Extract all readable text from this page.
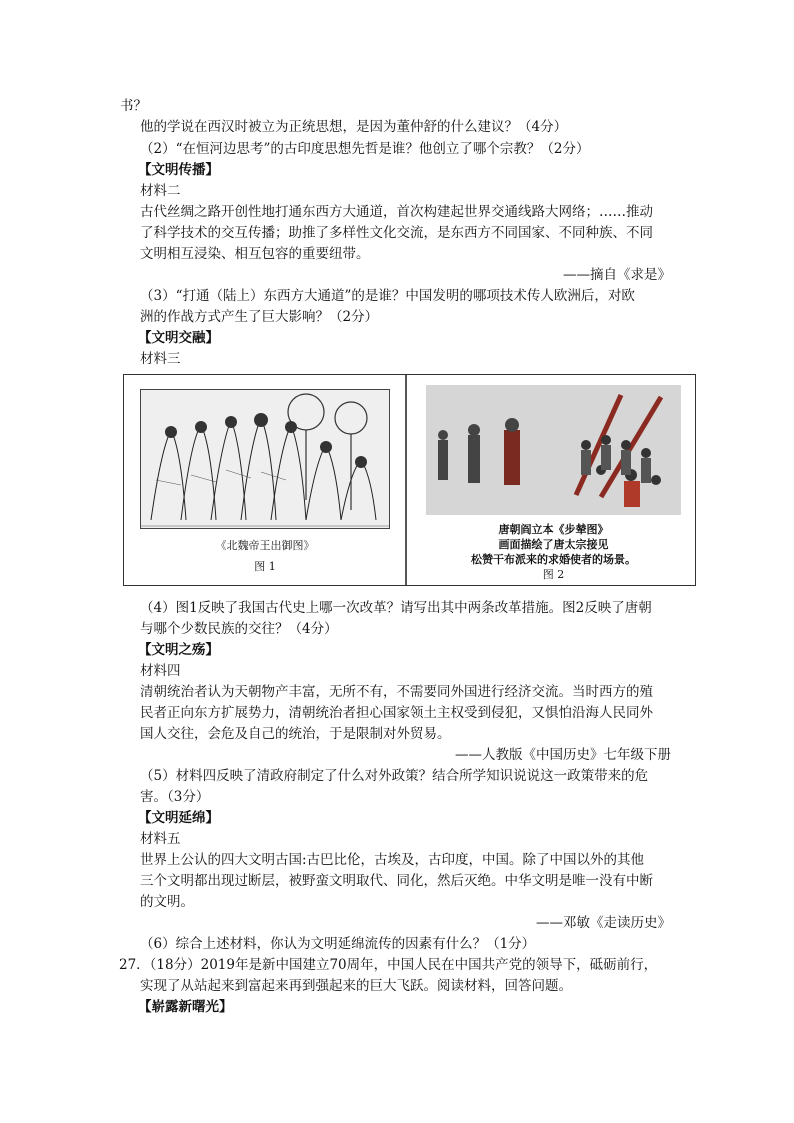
书？

他的学说在西汉时被立为正统思想，是因为董仲舒的什么建议？（4分）

（2）“在恒河边思考”的古印度思想先哲是谁？他创立了哪个宗教？（2分）

【文明传播】

材料二

古代丝绸之路开创性地打通东西方大通道，首次构建起世界交通线路大网络；……推动

了科学技术的交互传播；助推了多样性文化交流，是东西方不同国家、不同种族、不同

文明相互浸染、相互包容的重要纽带。

——摘自《求是》

（3）“打通（陆上）东西方大通道”的是谁？中国发明的哪项技术传人欧洲后，对欧

洲的作战方式产生了巨大影响？（2分）

【文明交融】

材料三

《北魏帝王出御图》
图 1
唐朝阎立本《步辇图》
画面描绘了唐太宗接见
松赞干布派来的求婚使者的场景。
图 2

（4）图1反映了我国古代史上哪一次改革？请写出其中两条改革措施。图2反映了唐朝

与哪个少数民族的交往？（4分）

【文明之殇】

材料四

清朝统治者认为天朝物产丰富，无所不有，不需要同外国进行经济交流。当时西方的殖

民者正向东方扩展势力，清朝统治者担心国家领土主权受到侵犯，又惧怕沿海人民同外

国人交往，会危及自己的统治，于是限制对外贸易。

——人教版《中国历史》七年级下册

（5）材料四反映了清政府制定了什么对外政策？结合所学知识说说这一政策带来的危

害。（3分）

【文明延绵】

材料五

世界上公认的四大文明古国:古巴比伦，古埃及，古印度，中国。除了中国以外的其他

三个文明都出现过断层，被野蛮文明取代、同化，然后灭绝。中华文明是唯一没有中断

的文明。

——邓敏《走读历史》

（6）综合上述材料，你认为文明延绵流传的因素有什么？（1分）

27．（18分）2019年是新中国建立70周年，中国人民在中国共产党的领导下，砥砺前行，

实现了从站起来到富起来再到强起来的巨大飞跃。阅读材料，回答问题。

【崭露新曙光】
